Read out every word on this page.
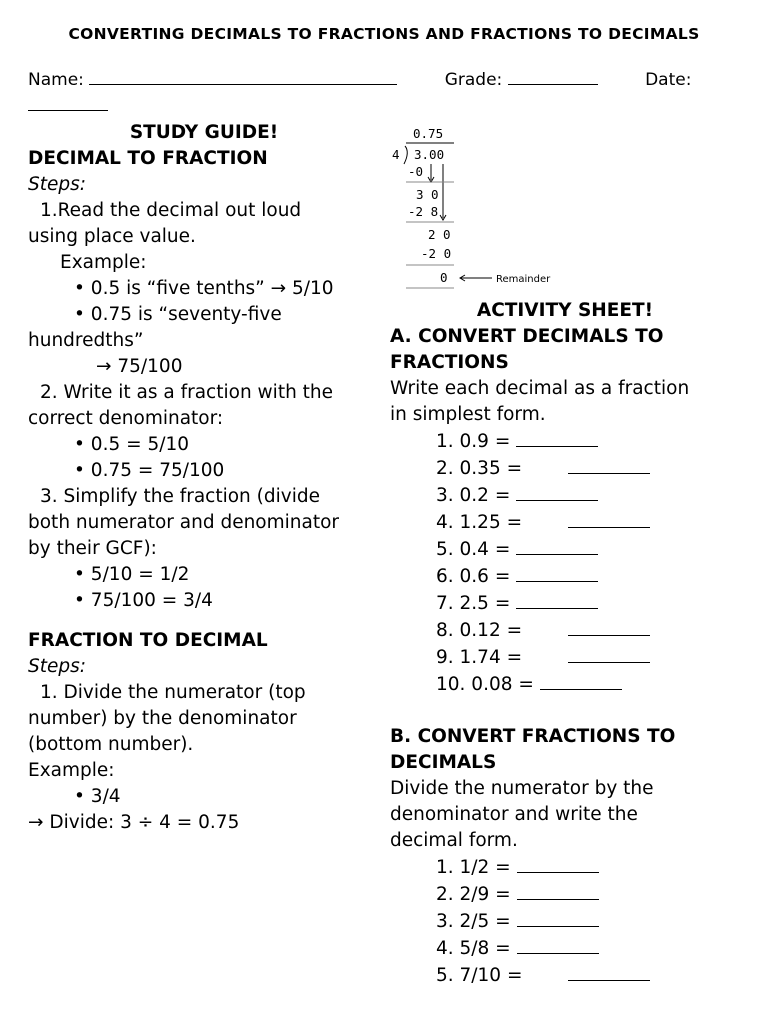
CONVERTING DECIMALS TO FRACTIONS AND FRACTIONS TO DECIMALS
Name:	Grade:	Date:

STUDY GUIDE!

DECIMAL TO FRACTION

Steps:

1.Read the decimal out loud

using place value.

Example:

• 0.5 is “five tenths” → 5/10

• 0.75 is “seventy-five

hundredths”

→ 75/100

2. Write it as a fraction with the

correct denominator:

• 0.5 = 5/10

• 0.75 = 75/100

3. Simplify the fraction (divide

both numerator and denominator

by their GCF):

• 5/10 = 1/2

• 75/100 = 3/4

FRACTION TO DECIMAL

Steps:

1. Divide the numerator (top

number) by the denominator

(bottom number).

Example:

• 3/4

→ Divide: 3 ÷ 4 = 0.75

0.75
4 3.00
-0
3 0
-2 8
2 0
-2 0
0	Remainder

ACTIVITY SHEET!

A. CONVERT DECIMALS TO

FRACTIONS

Write each decimal as a fraction

in simplest form.

1. 0.9 =

2. 0.35 =

3. 0.2 =

4. 1.25 =

5. 0.4 =

6. 0.6 =

7. 2.5 =

8. 0.12 =

9. 1.74 =

10. 0.08 =

B. CONVERT FRACTIONS TO

DECIMALS

Divide the numerator by the

denominator and write the

decimal form.

1. 1/2 =

2. 2/9 =

3. 2/5 =

4. 5/8 =

5. 7/10 =
